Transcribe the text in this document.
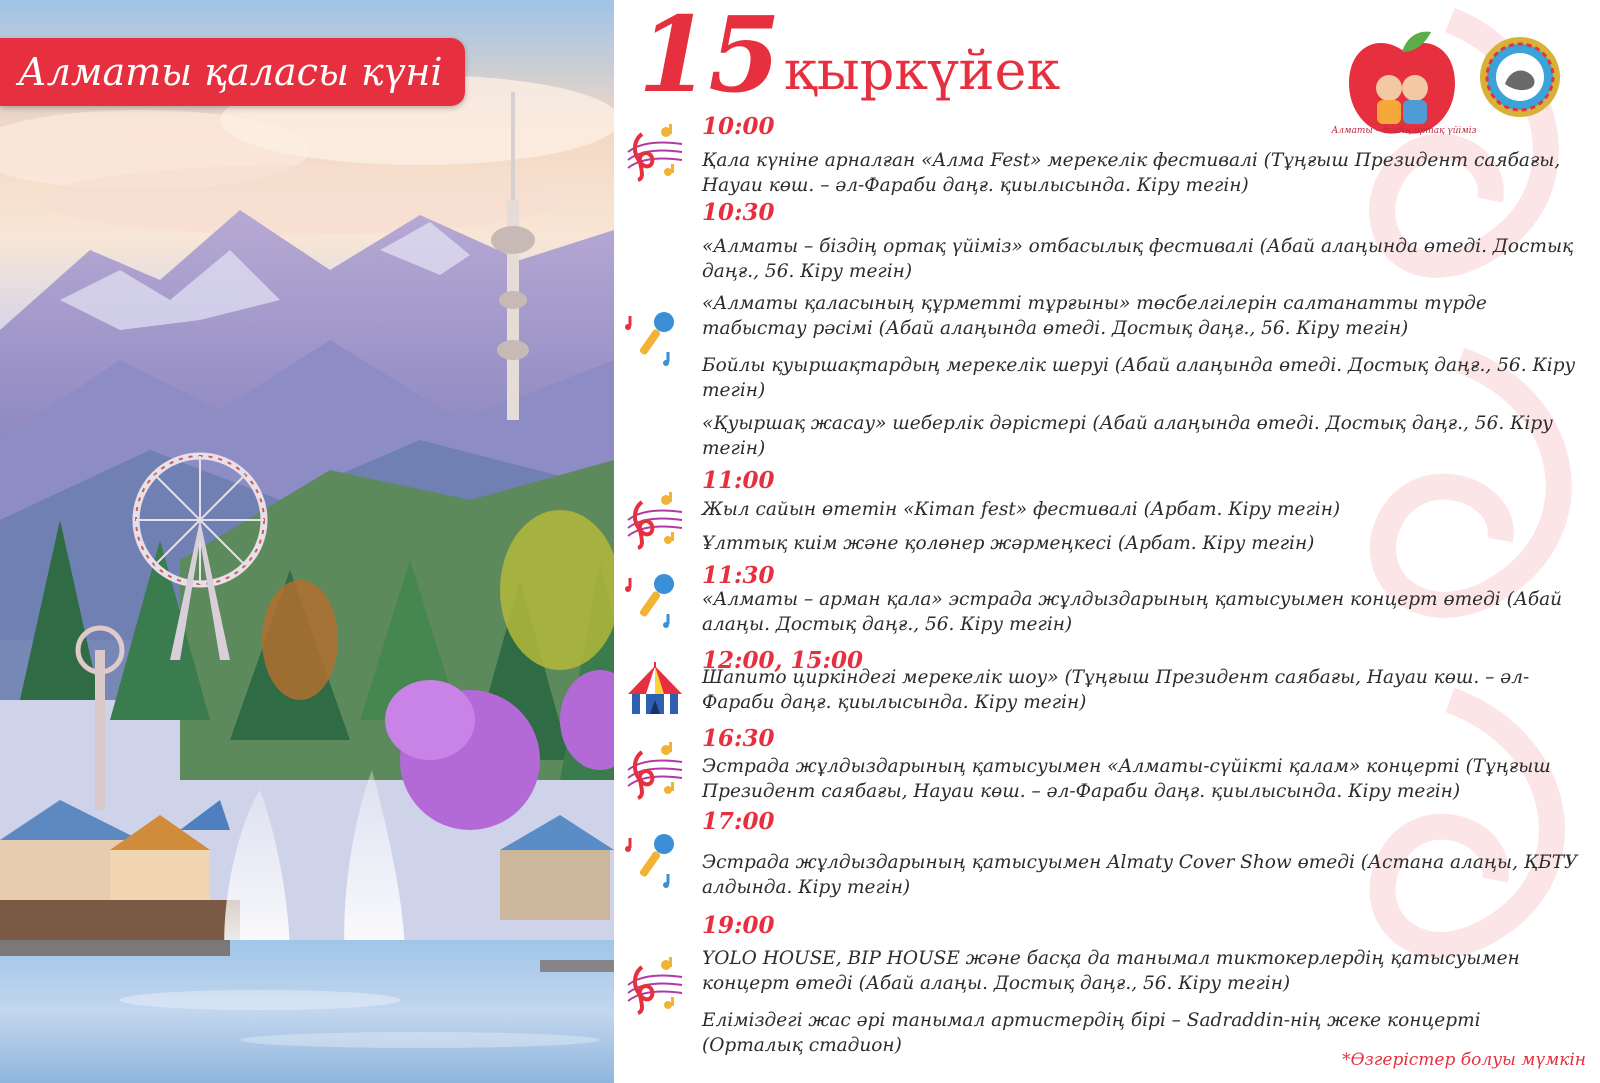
Алматы қаласы күні 15 қыркүйек
Алматы – біздің ортақ үйіміз
10:00
Қала күніне арналған «Алма Fest» мерекелік фестивалі (Тұңғыш Президент саябағы, Науаи көш. – әл-Фараби даңғ. қиылысында. Кіру тегін)
10:30
«Алматы – біздің ортақ үйіміз» отбасылық фестивалі (Абай алаңында өтеді. Достық даңғ., 56. Кіру тегін)
«Алматы қаласының құрметті тұрғыны» төсбелгілерін салтанатты түрде табыстау рәсімі (Абай алаңында өтеді. Достық даңғ., 56. Кіру тегін)
Бойлы қуыршақтардың мерекелік шеруі (Абай алаңында өтеді. Достық даңғ., 56. Кіру тегін)
«Қуыршақ жасау» шеберлік дәрістері (Абай алаңында өтеді. Достық даңғ., 56. Кіру тегін)
11:00
Жыл сайын өтетін «Кітап fest» фестивалі (Арбат. Кіру тегін)
Ұлттық киім және қолөнер жәрмеңкесі (Арбат. Кіру тегін)
11:30
«Алматы – арман қала» эстрада жұлдыздарының қатысуымен концерт өтеді (Абай алаңы. Достық даңғ., 56. Кіру тегін)
12:00, 15:00
Шапито циркіндегі мерекелік шоу» (Тұңғыш Президент саябағы, Науаи көш. – әл-Фараби даңғ. қиылысында. Кіру тегін)
16:30
Эстрада жұлдыздарының қатысуымен «Алматы-сүйікті қалам» концерті (Тұңғыш Президент саябағы, Науаи көш. – әл-Фараби даңғ. қиылысында. Кіру тегін)
17:00
Эстрада жұлдыздарының қатысуымен Almaty Cover Show өтеді (Астана алаңы, ҚБТУ алдында. Кіру тегін)
19:00
YOLO HOUSE, BIP HOUSE және басқа да танымал тиктокерлердің қатысуымен концерт өтеді (Абай алаңы. Достық даңғ., 56. Кіру тегін)
Еліміздегі жас әрі танымал артистердің бірі – Sadraddin-нің жеке концерті (Орталық стадион)
*Өзгерістер болуы мүмкін
